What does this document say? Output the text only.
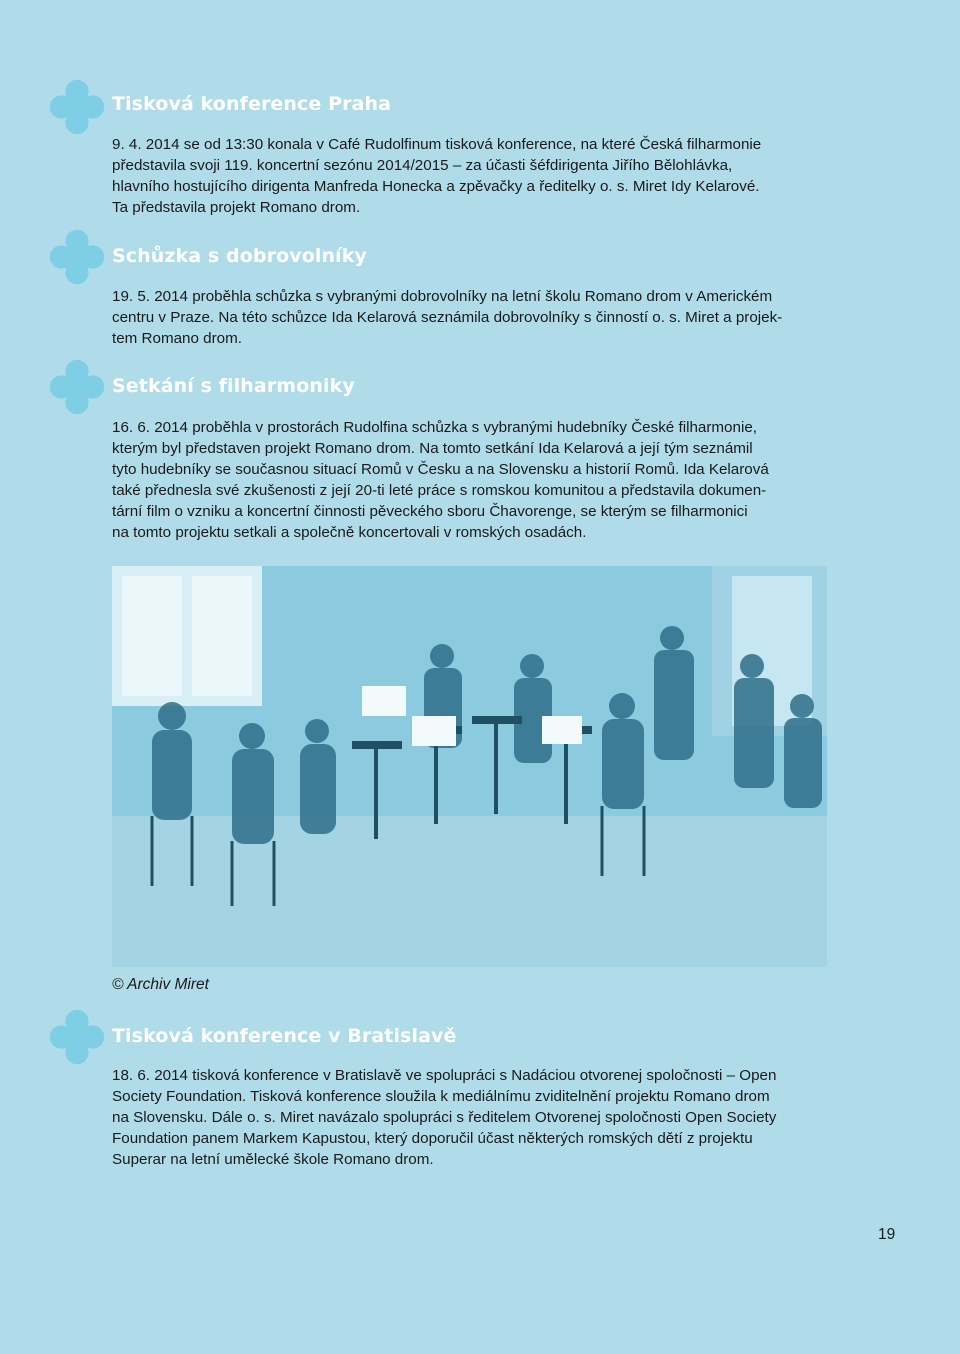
Tisková konference Praha
9. 4. 2014 se od 13:30 konala v Café Rudolfinum tisková konference, na které Česká filharmonie
představila svoji 119. koncertní sezónu 2014/2015 – za účasti šéfdirigenta Jiřího Bělohlávka,
hlavního hostujícího dirigenta Manfreda Honecka a zpěvačky a ředitelky o. s. Miret Idy Kelarové.
Ta představila projekt Romano drom.
Schůzka s dobrovolníky
19. 5. 2014 proběhla schůzka s vybranými dobrovolníky na letní školu Romano drom v Americkém
centru v Praze. Na této schůzce Ida Kelarová seznámila dobrovolníky s činností o. s. Miret a projek-
tem Romano drom.
Setkání s filharmoniky
16. 6. 2014 proběhla v prostorách Rudolfina schůzka s vybranými hudebníky České filharmonie,
kterým byl představen projekt Romano drom. Na tomto setkání Ida Kelarová a její tým seznámil
tyto hudebníky se současnou situací Romů v Česku a na Slovensku a historií Romů. Ida Kelarová
také přednesla své zkušenosti z její 20-ti leté práce s romskou komunitou a představila dokumen-
tární film o vzniku a koncertní činnosti pěveckého sboru Čhavorenge, se kterým se filharmonici
na tomto projektu setkali a společně koncertovali v romských osadách.
© Archiv Miret
Tisková konference v Bratislavě
18. 6. 2014 tisková konference v Bratislavě ve spolupráci s Nadáciou otvorenej spoločnosti – Open
Society Foundation. Tisková konference sloužila k mediálnímu zviditelnění projektu Romano drom
na Slovensku. Dále o. s. Miret navázalo spolupráci s ředitelem Otvorenej spoločnosti Open Society
Foundation panem Markem Kapustou, který doporučil účast některých romských dětí z projektu
Superar na letní umělecké škole Romano drom.
19
